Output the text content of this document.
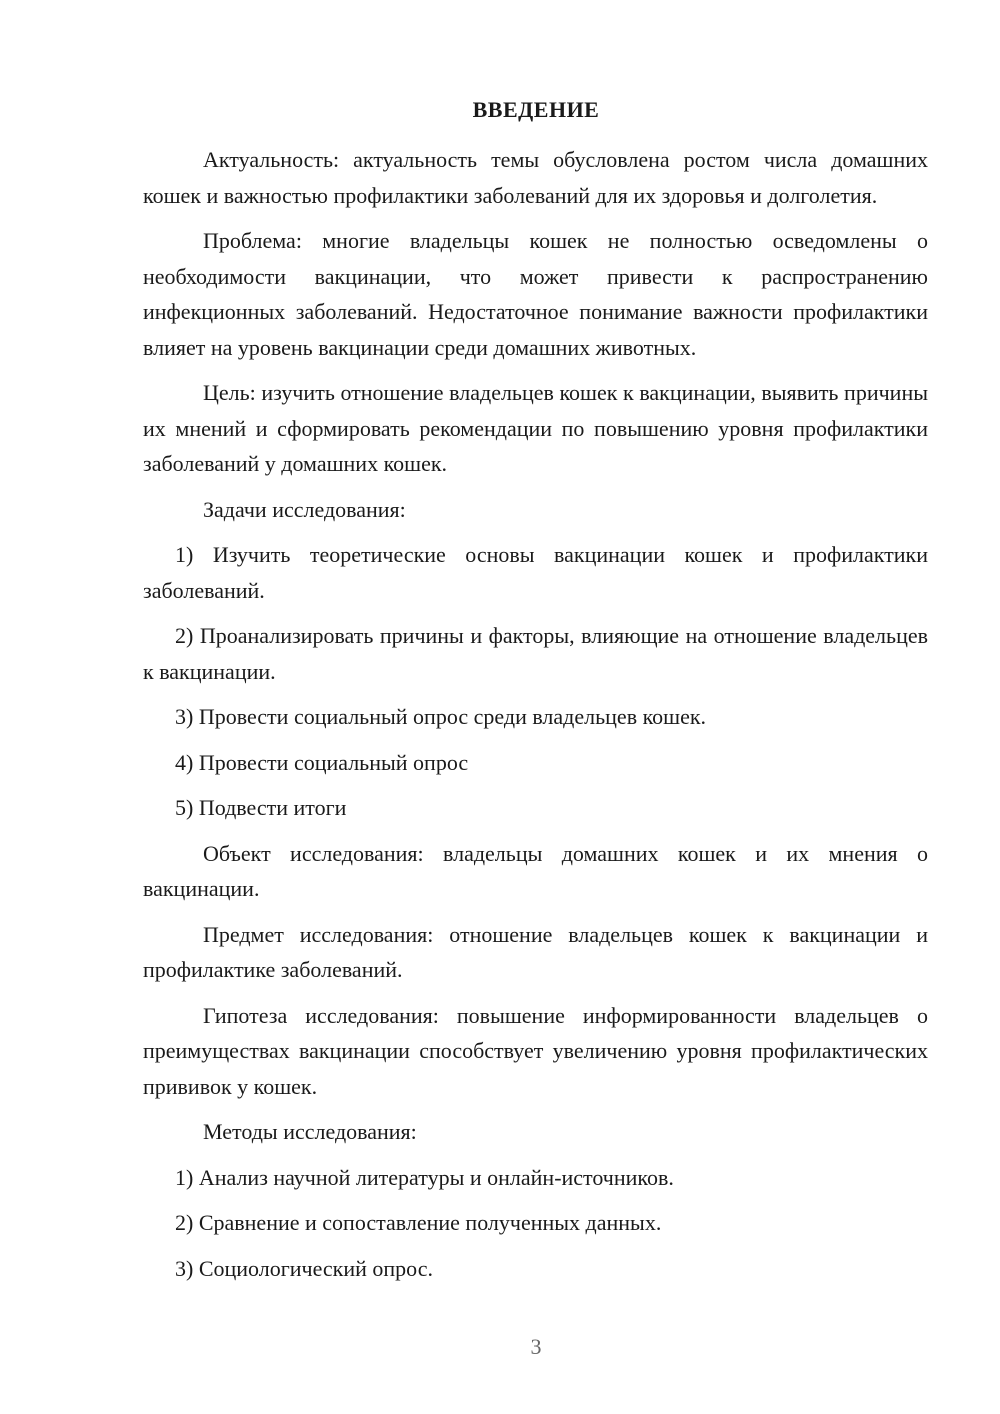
ВВЕДЕНИЕ

Актуальность: актуальность темы обусловлена ростом числа домашних кошек и важностью профилактики заболеваний для их здоровья и долголетия.

Проблема: многие владельцы кошек не полностью осведомлены о необходимости вакцинации, что может привести к распространению инфекционных заболеваний. Недостаточное понимание важности профилактики влияет на уровень вакцинации среди домашних животных.

Цель: изучить отношение владельцев кошек к вакцинации, выявить причины их мнений и сформировать рекомендации по повышению уровня профилактики заболеваний у домашних кошек.

Задачи исследования:

1) Изучить теоретические основы вакцинации кошек и профилактики заболеваний.

2) Проанализировать причины и факторы, влияющие на отношение владельцев к вакцинации.

3) Провести социальный опрос среди владельцев кошек.

4) Провести социальный опрос

5) Подвести итоги

Объект исследования: владельцы домашних кошек и их мнения о вакцинации.

Предмет исследования: отношение владельцев кошек к вакцинации и профилактике заболеваний.

Гипотеза исследования: повышение информированности владельцев о преимуществах вакцинации способствует увеличению уровня профилактических прививок у кошек.

Методы исследования:

1) Анализ научной литературы и онлайн-источников.

2) Сравнение и сопоставление полученных данных.

3) Социологический опрос.

3
